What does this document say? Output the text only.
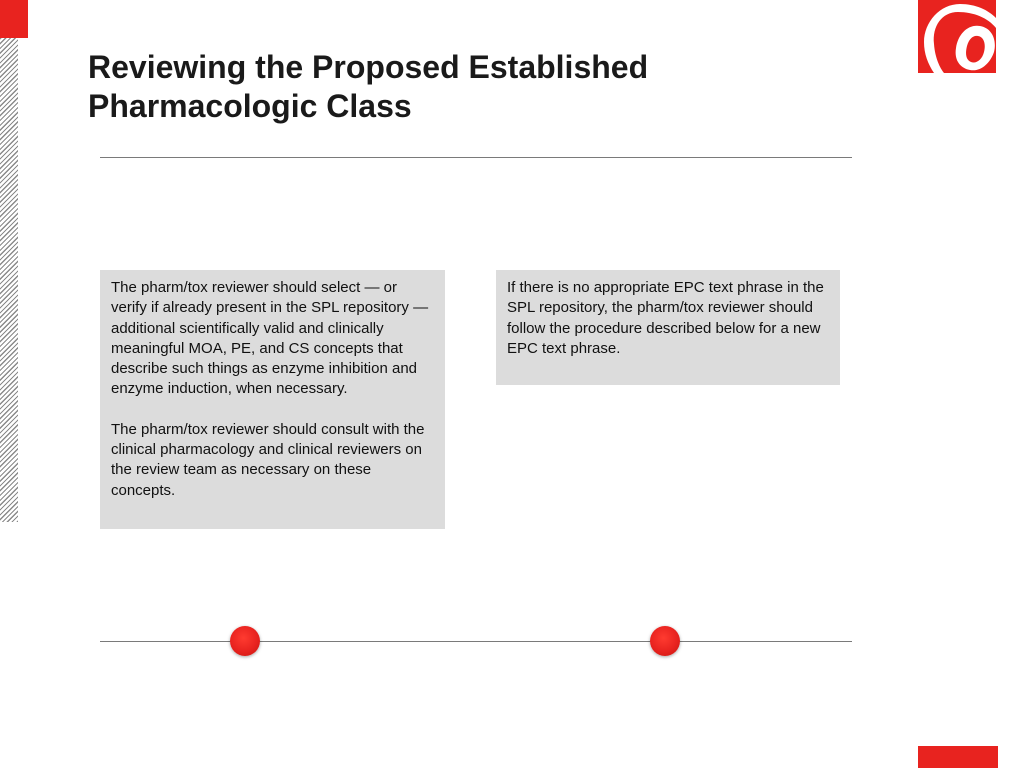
Reviewing the Proposed Established
Pharmacologic Class

The pharm/tox reviewer should select — or verify if already present in the SPL repository — additional scientifically valid and clinically meaningful MOA, PE, and CS concepts that describe such things as enzyme inhibition and enzyme induction, when necessary.

The pharm/tox reviewer should consult with the clinical pharmacology and clinical reviewers on the review team as necessary on these concepts.

If there is no appropriate EPC text phrase in the SPL repository, the pharm/tox reviewer should follow the procedure described below for a new EPC text phrase.
